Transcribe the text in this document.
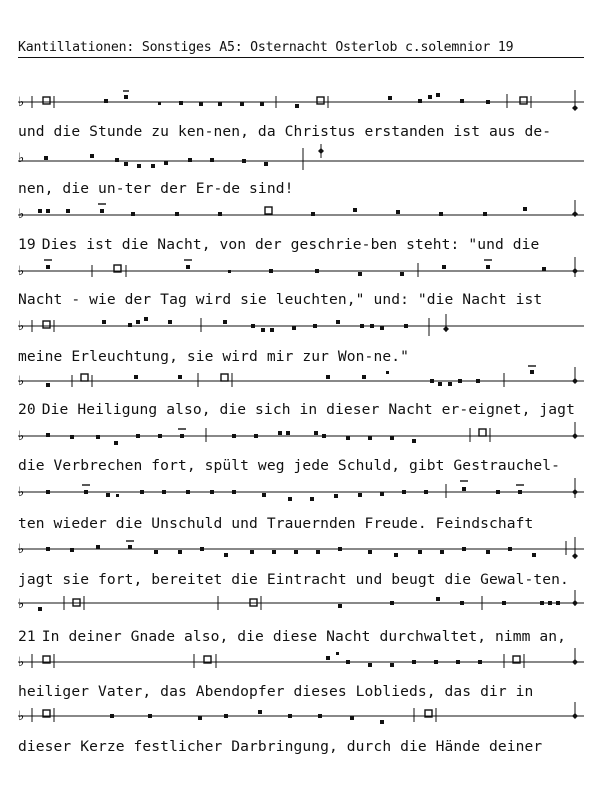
Kantillationen: Sonstiges A5: Osternacht Osterlob c.solemnior 19
♭
und die Stunde zu ken-nen, da Christus erstanden ist aus de-
♭
nen, die un-ter der Er-de sind!
♭
19 Dies ist die Nacht, von der geschrie-ben steht: "und die
♭
Nacht - wie der Tag wird sie leuchten," und: "die Nacht ist
♭
meine Erleuchtung, sie wird mir zur Won-ne."
♭
20 Die Heiligung also, die sich in dieser Nacht er-eignet, jagt
♭
die Verbrechen fort, spült weg jede Schuld, gibt Gestrauchel-
♭
ten wieder die Unschuld und Trauernden Freude. Feindschaft
♭
jagt sie fort, bereitet die Eintracht und beugt die Gewal-ten.
♭
21 In deiner Gnade also, die diese Nacht durchwaltet, nimm an,
♭
heiliger Vater, das Abendopfer dieses Loblieds, das dir in
♭
dieser Kerze festlicher Darbringung, durch die Hände deiner
